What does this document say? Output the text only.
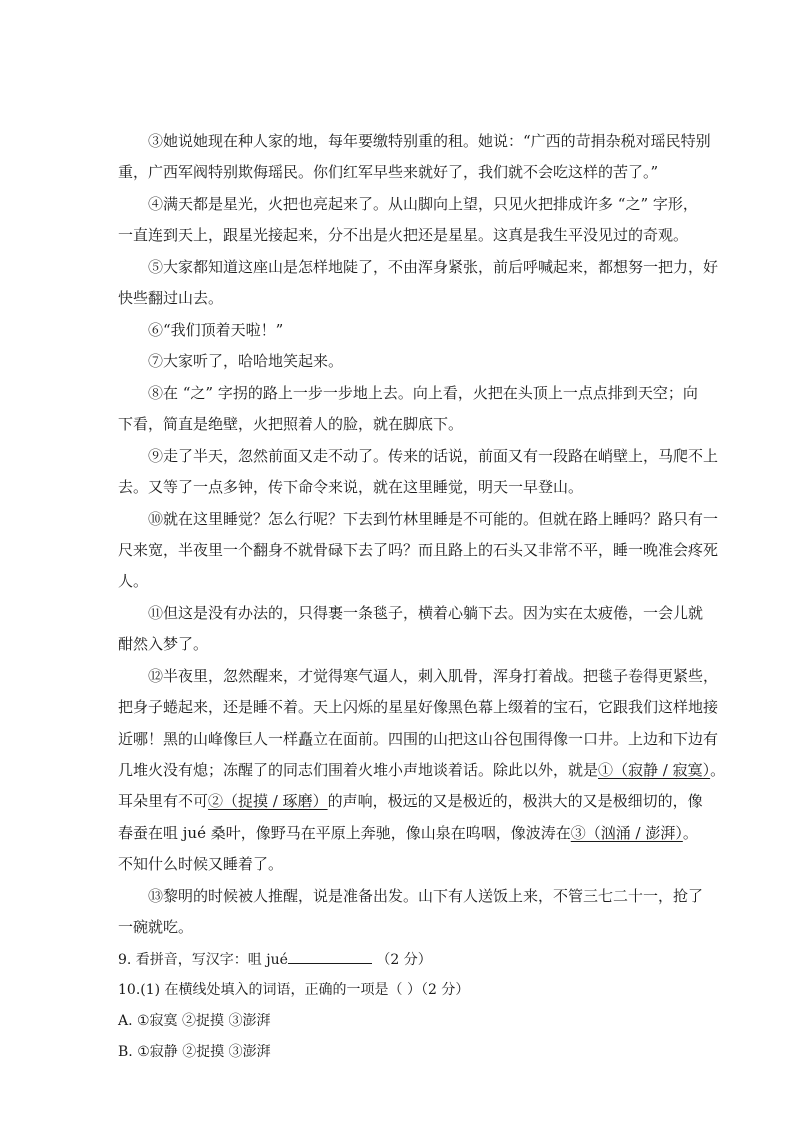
③她说她现在种人家的地，每年要缴特别重的租。她说：“广西的苛捐杂税对瑶民特别
重，广西军阀特别欺侮瑶民。你们红军早些来就好了，我们就不会吃这样的苦了。”
④满天都是星光，火把也亮起来了。从山脚向上望，只见火把排成许多 “之” 字形，
一直连到天上，跟星光接起来，分不出是火把还是星星。这真是我生平没见过的奇观。
⑤大家都知道这座山是怎样地陡了，不由浑身紧张，前后呼喊起来，都想努一把力，好
快些翻过山去。
⑥“我们顶着天啦！”
⑦大家听了，哈哈地笑起来。
⑧在 “之” 字拐的路上一步一步地上去。向上看，火把在头顶上一点点排到天空；向
下看，简直是绝壁，火把照着人的脸，就在脚底下。
⑨走了半天，忽然前面又走不动了。传来的话说，前面又有一段路在峭壁上，马爬不上
去。又等了一点多钟，传下命令来说，就在这里睡觉，明天一早登山。
⑩就在这里睡觉？怎么行呢？下去到竹林里睡是不可能的。但就在路上睡吗？路只有一
尺来宽，半夜里一个翻身不就骨碌下去了吗？而且路上的石头又非常不平，睡一晚准会疼死
人。
⑪但这是没有办法的，只得裹一条毯子，横着心躺下去。因为实在太疲倦，一会儿就
酣然入梦了。
⑫半夜里，忽然醒来，才觉得寒气逼人，刺入肌骨，浑身打着战。把毯子卷得更紧些，
把身子蜷起来，还是睡不着。天上闪烁的星星好像黑色幕上缀着的宝石，它跟我们这样地接
近哪！黑的山峰像巨人一样矗立在面前。四围的山把这山谷包围得像一口井。上边和下边有
几堆火没有熄；冻醒了的同志们围着火堆小声地谈着话。除此以外，就是①（寂静 / 寂寞）。
耳朵里有不可②（捉摸 / 琢磨）的声响，极远的又是极近的，极洪大的又是极细切的，像
春蚕在咀 jué 桑叶，像野马在平原上奔驰，像山泉在呜咽，像波涛在③（汹涌 / 澎湃）。
不知什么时候又睡着了。
⑬黎明的时候被人推醒，说是准备出发。山下有人送饭上来，不管三七二十一，抢了
一碗就吃。
9. 看拼音，写汉字：咀 jué	（2 分）
10.(1) 在横线处填入的词语，正确的一项是（ ）（2 分）
A. ①寂寞 ②捉摸 ③澎湃
B. ①寂静 ②捉摸 ③澎湃
